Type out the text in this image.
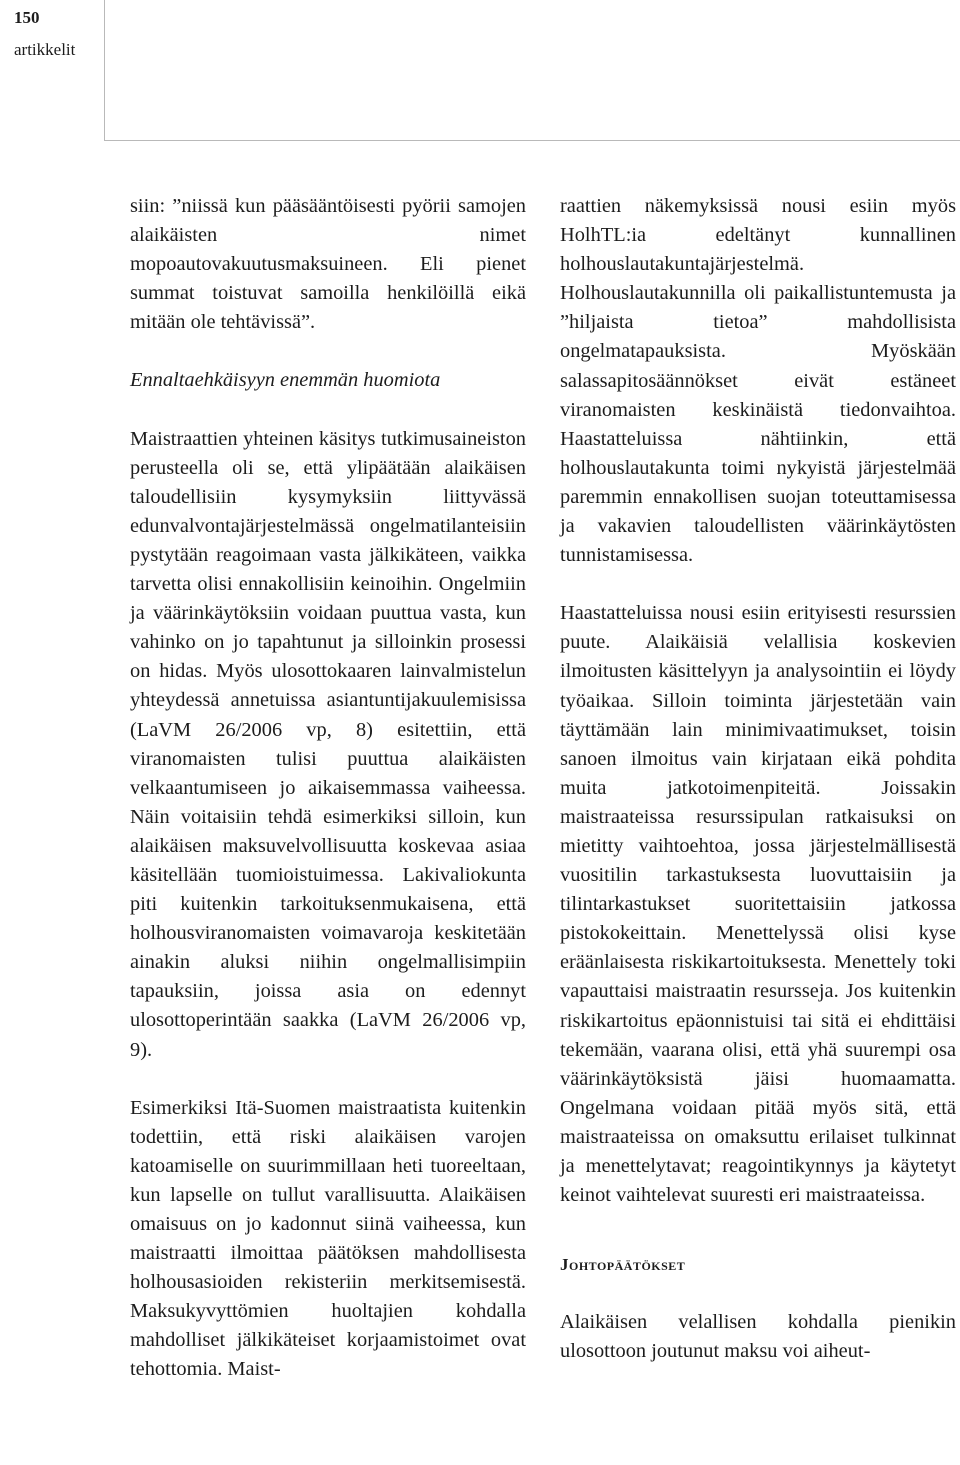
150
artikkelit

siin: ”niissä kun pääsääntöisesti pyörii samojen alaikäisten nimet mopoautovakuutusmaksuineen. Eli pienet summat toistuvat samoilla henkilöillä eikä mitään ole tehtävissä”.

Ennaltaehkäisyyn enemmän huomiota

Maistraattien yhteinen käsitys tutkimusaineiston perusteella oli se, että ylipäätään alaikäisen taloudellisiin kysymyksiin liittyvässä edunvalvontajärjestelmässä ongelmatilanteisiin pystytään reagoimaan vasta jälkikäteen, vaikka tarvetta olisi ennakollisiin keinoihin. Ongelmiin ja väärinkäytöksiin voidaan puuttua vasta, kun vahinko on jo tapahtunut ja silloinkin prosessi on hidas. Myös ulosottokaaren lainvalmistelun yhteydessä annetuissa asiantuntijakuulemisissa (LaVM 26/2006 vp, 8) esitettiin, että viranomaisten tulisi puuttua alaikäisten velkaantumiseen jo aikaisemmassa vaiheessa. Näin voitaisiin tehdä esimerkiksi silloin, kun alaikäisen maksuvelvollisuutta koskevaa asiaa käsitellään tuomioistuimessa. Lakivaliokunta piti kuitenkin tarkoituksenmukaisena, että holhousviranomaisten voimavaroja keskitetään ainakin aluksi niihin ongelmallisimpiin tapauksiin, joissa asia on edennyt ulosottoperintään saakka (LaVM 26/2006 vp, 9).

Esimerkiksi Itä-Suomen maistraatista kuitenkin todettiin, että riski alaikäisen varojen katoamiselle on suurimmillaan heti tuoreeltaan, kun lapselle on tullut varallisuutta. Alaikäisen omaisuus on jo kadonnut siinä vaiheessa, kun maistraatti ilmoittaa päätöksen mahdollisesta holhousasioiden rekisteriin merkitsemisestä. Maksukyvyttömien huoltajien kohdalla mahdolliset jälkikäteiset korjaamistoimet ovat tehottomia. Maist-

raattien näkemyksissä nousi esiin myös HolhTL:ia edeltänyt kunnallinen holhouslautakuntajärjestelmä. Holhouslautakunnilla oli paikallistuntemusta ja ”hiljaista tietoa” mahdollisista ongelmatapauksista. Myöskään salassapitosäännökset eivät estäneet viranomaisten keskinäistä tiedonvaihtoa. Haastatteluissa nähtiinkin, että holhouslautakunta toimi nykyistä järjestelmää paremmin ennakollisen suojan toteuttamisessa ja vakavien taloudellisten väärinkäytösten tunnistamisessa.

Haastatteluissa nousi esiin erityisesti resurssien puute. Alaikäisiä velallisia koskevien ilmoitusten käsittelyyn ja analysointiin ei löydy työaikaa. Silloin toiminta järjestetään vain täyttämään lain minimivaatimukset, toisin sanoen ilmoitus vain kirjataan eikä pohdita muita jatkotoimenpiteitä. Joissakin maistraateissa resurssipulan ratkaisuksi on mietitty vaihtoehtoa, jossa järjestelmällisestä vuositilin tarkastuksesta luovuttaisiin ja tilintarkastukset suoritettaisiin jatkossa pistokokeittain. Menettelyssä olisi kyse eräänlaisesta riskikartoituksesta. Menettely toki vapauttaisi maistraatin resursseja. Jos kuitenkin riskikartoitus epäonnistuisi tai sitä ei ehdittäisi tekemään, vaarana olisi, että yhä suurempi osa väärinkäytöksistä jäisi huomaamatta. Ongelmana voidaan pitää myös sitä, että maistraateissa on omaksuttu erilaiset tulkinnat ja menettelytavat; reagointikynnys ja käytetyt keinot vaihtelevat suuresti eri maistraateissa.

Johtopäätökset

Alaikäisen velallisen kohdalla pienikin ulosottoon joutunut maksu voi aiheut-
